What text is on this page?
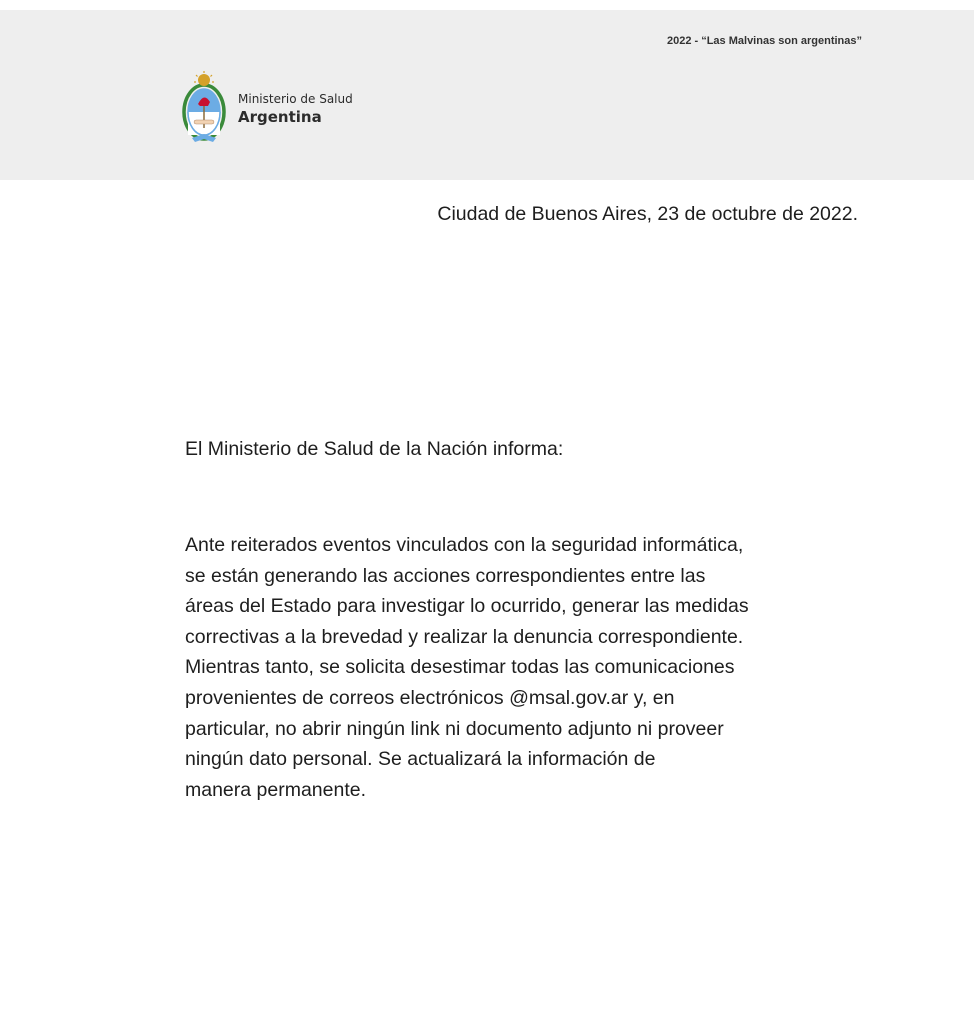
2022 - “Las Malvinas son argentinas”
Ministerio de Salud
Argentina
Ciudad de Buenos Aires, 23 de octubre de 2022.
El Ministerio de Salud de la Nación informa:
Ante reiterados eventos vinculados con la seguridad informática,
se están generando las acciones correspondientes entre las
áreas del Estado para investigar lo ocurrido, generar las medidas
correctivas a la brevedad y realizar la denuncia correspondiente.
Mientras tanto, se solicita desestimar todas las comunicaciones
provenientes de correos electrónicos @msal.gov.ar y, en
particular, no abrir ningún link ni documento adjunto ni proveer
ningún dato personal. Se actualizará la información de
manera permanente.
